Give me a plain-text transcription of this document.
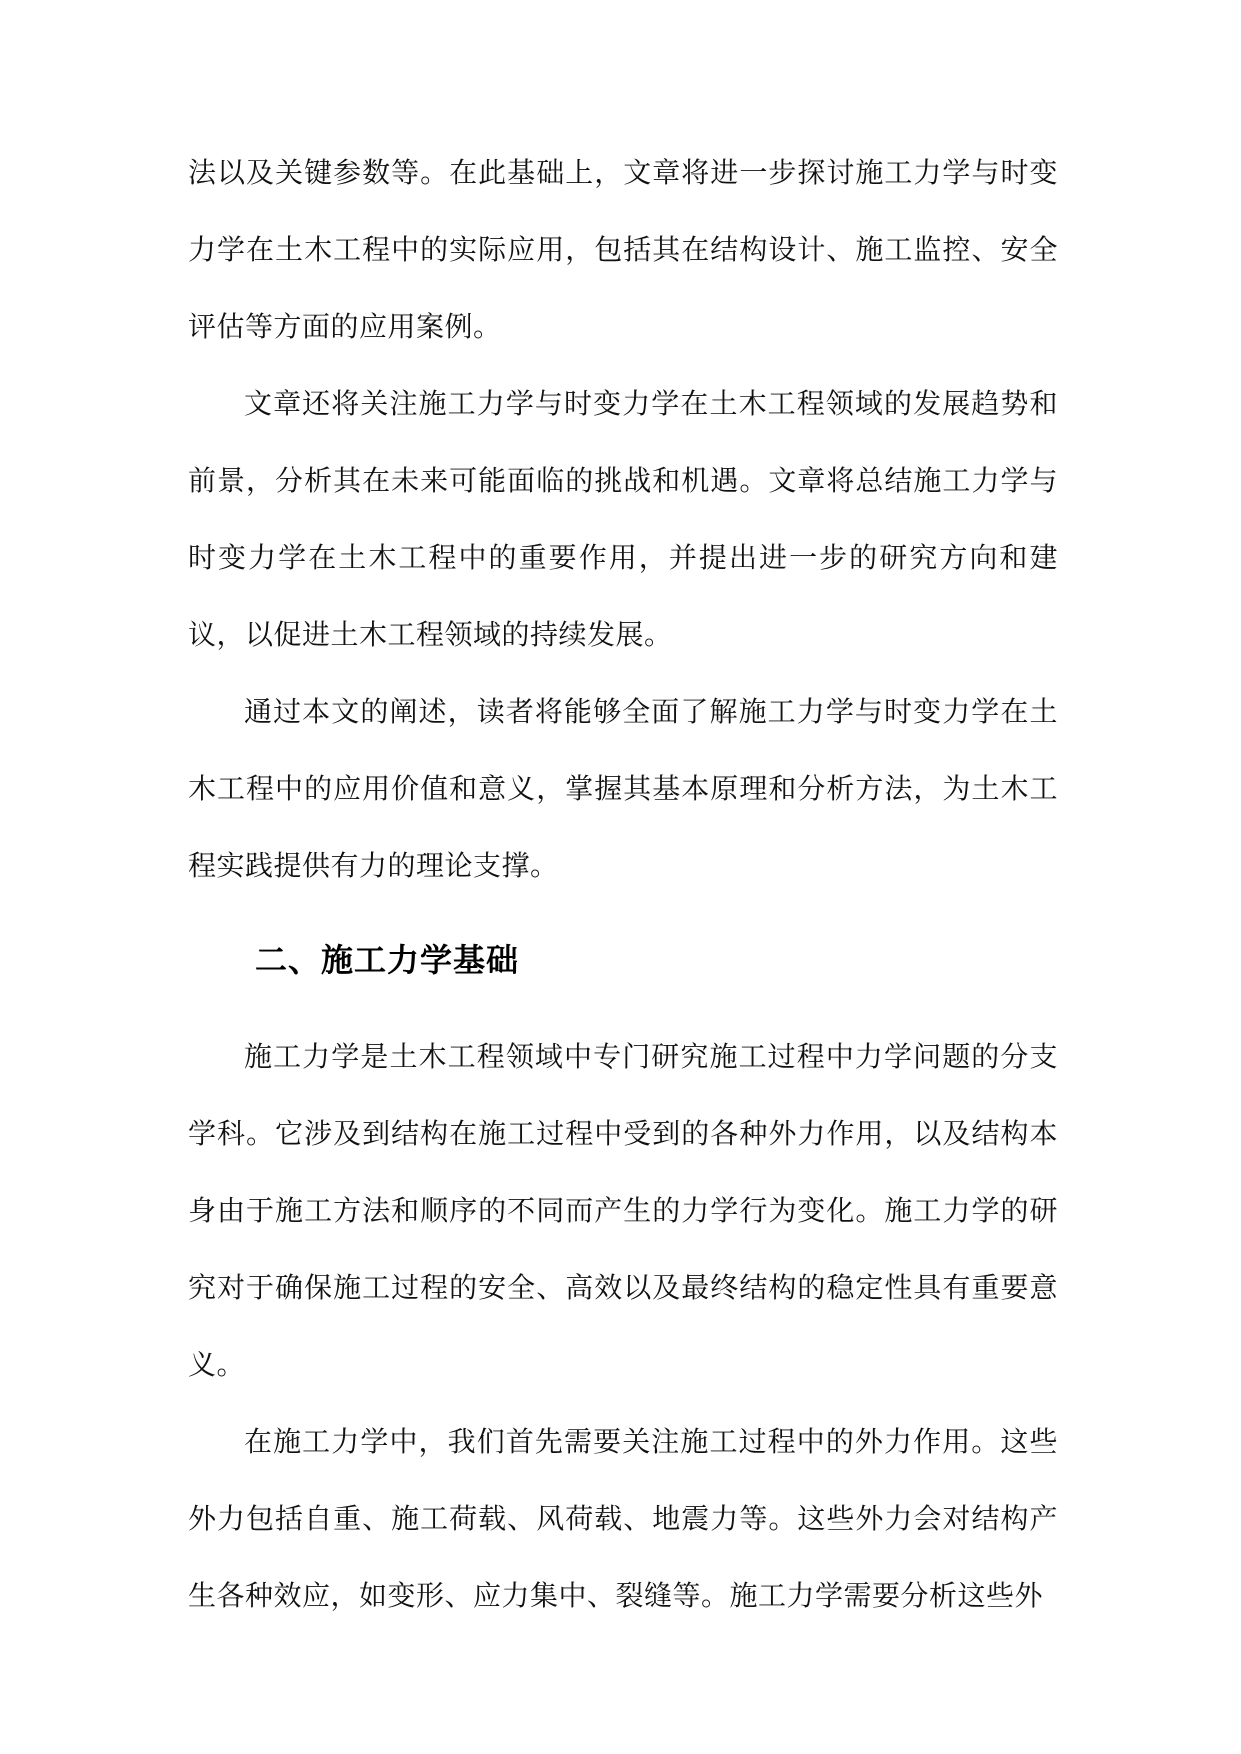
法以及关键参数等。在此基础上，文章将进一步探讨施工力学与时变力学在土木工程中的实际应用，包括其在结构设计、施工监控、安全评估等方面的应用案例。

文章还将关注施工力学与时变力学在土木工程领域的发展趋势和前景，分析其在未来可能面临的挑战和机遇。文章将总结施工力学与时变力学在土木工程中的重要作用，并提出进一步的研究方向和建议，以促进土木工程领域的持续发展。

通过本文的阐述，读者将能够全面了解施工力学与时变力学在土木工程中的应用价值和意义，掌握其基本原理和分析方法，为土木工程实践提供有力的理论支撑。

二、施工力学基础

施工力学是土木工程领域中专门研究施工过程中力学问题的分支学科。它涉及到结构在施工过程中受到的各种外力作用，以及结构本身由于施工方法和顺序的不同而产生的力学行为变化。施工力学的研究对于确保施工过程的安全、高效以及最终结构的稳定性具有重要意义。

在施工力学中，我们首先需要关注施工过程中的外力作用。这些外力包括自重、施工荷载、风荷载、地震力等。这些外力会对结构产生各种效应，如变形、应力集中、裂缝等。施工力学需要分析这些外
